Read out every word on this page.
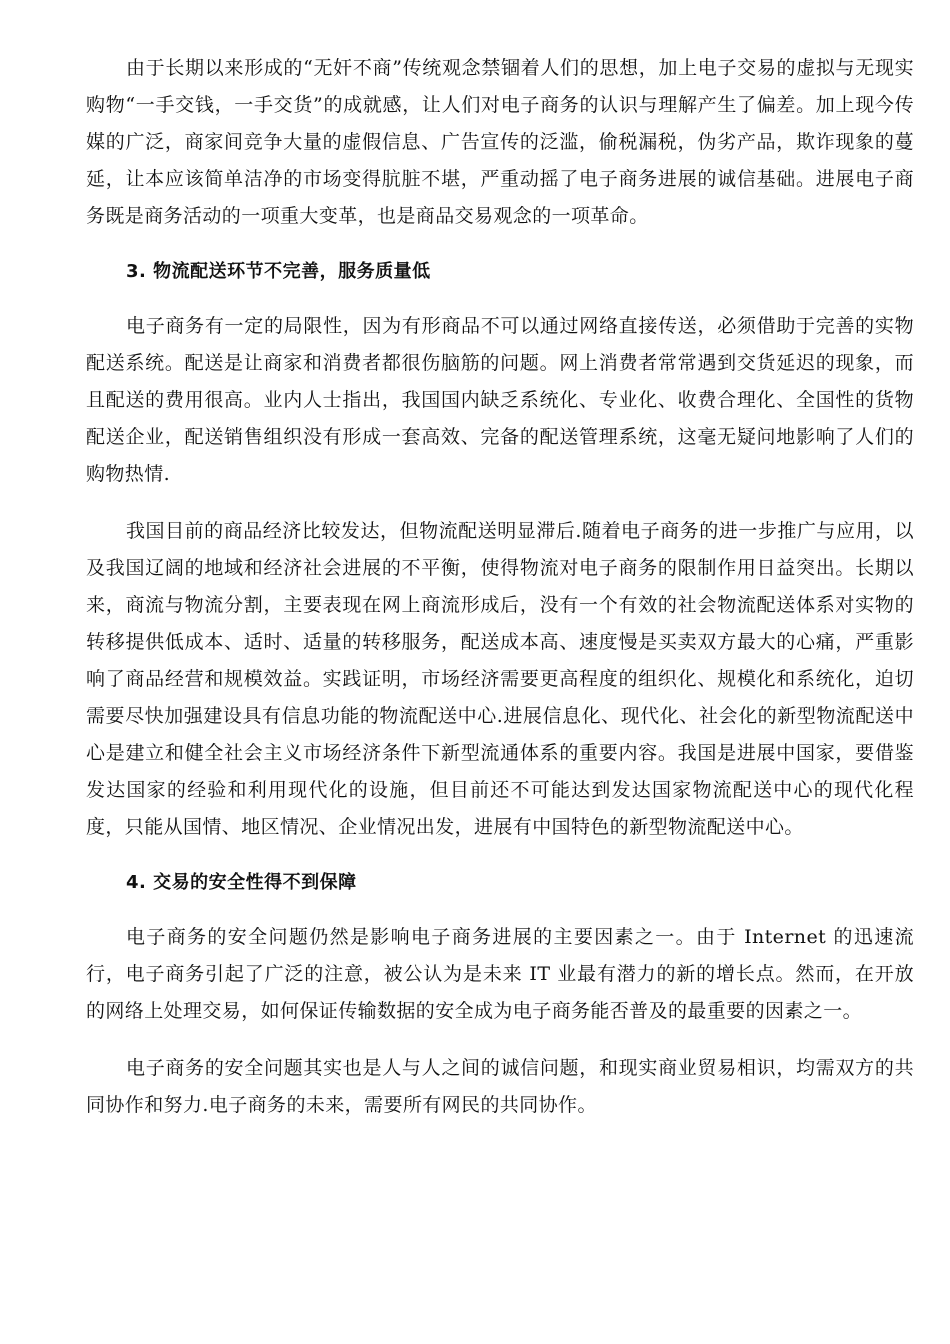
由于长期以来形成的“无奸不商”传统观念禁锢着人们的思想，加上电子交易的虚拟与无现实购物“一手交钱，一手交货”的成就感，让人们对电子商务的认识与理解产生了偏差。加上现今传媒的广泛，商家间竞争大量的虚假信息、广告宣传的泛滥，偷税漏税，伪劣产品，欺诈现象的蔓延，让本应该简单洁净的市场变得肮脏不堪，严重动摇了电子商务进展的诚信基础。进展电子商务既是商务活动的一项重大变革，也是商品交易观念的一项革命。

3. 物流配送环节不完善，服务质量低

电子商务有一定的局限性，因为有形商品不可以通过网络直接传送，必须借助于完善的实物配送系统。配送是让商家和消费者都很伤脑筋的问题。网上消费者常常遇到交货延迟的现象，而且配送的费用很高。业内人士指出，我国国内缺乏系统化、专业化、收费合理化、全国性的货物配送企业，配送销售组织没有形成一套高效、完备的配送管理系统，这毫无疑问地影响了人们的购物热情.

我国目前的商品经济比较发达，但物流配送明显滞后.随着电子商务的进一步推广与应用，以及我国辽阔的地域和经济社会进展的不平衡，使得物流对电子商务的限制作用日益突出。长期以来，商流与物流分割，主要表现在网上商流形成后，没有一个有效的社会物流配送体系对实物的转移提供低成本、适时、适量的转移服务，配送成本高、速度慢是买卖双方最大的心痛，严重影响了商品经营和规模效益。实践证明，市场经济需要更高程度的组织化、规模化和系统化，迫切需要尽快加强建设具有信息功能的物流配送中心.进展信息化、现代化、社会化的新型物流配送中心是建立和健全社会主义市场经济条件下新型流通体系的重要内容。我国是进展中国家，要借鉴发达国家的经验和利用现代化的设施，但目前还不可能达到发达国家物流配送中心的现代化程度，只能从国情、地区情况、企业情况出发，进展有中国特色的新型物流配送中心。

4. 交易的安全性得不到保障

电子商务的安全问题仍然是影响电子商务进展的主要因素之一。由于 Internet 的迅速流行，电子商务引起了广泛的注意，被公认为是未来 IT 业最有潜力的新的增长点。然而，在开放的网络上处理交易，如何保证传输数据的安全成为电子商务能否普及的最重要的因素之一。

电子商务的安全问题其实也是人与人之间的诚信问题，和现实商业贸易相识，均需双方的共同协作和努力.电子商务的未来，需要所有网民的共同协作。
